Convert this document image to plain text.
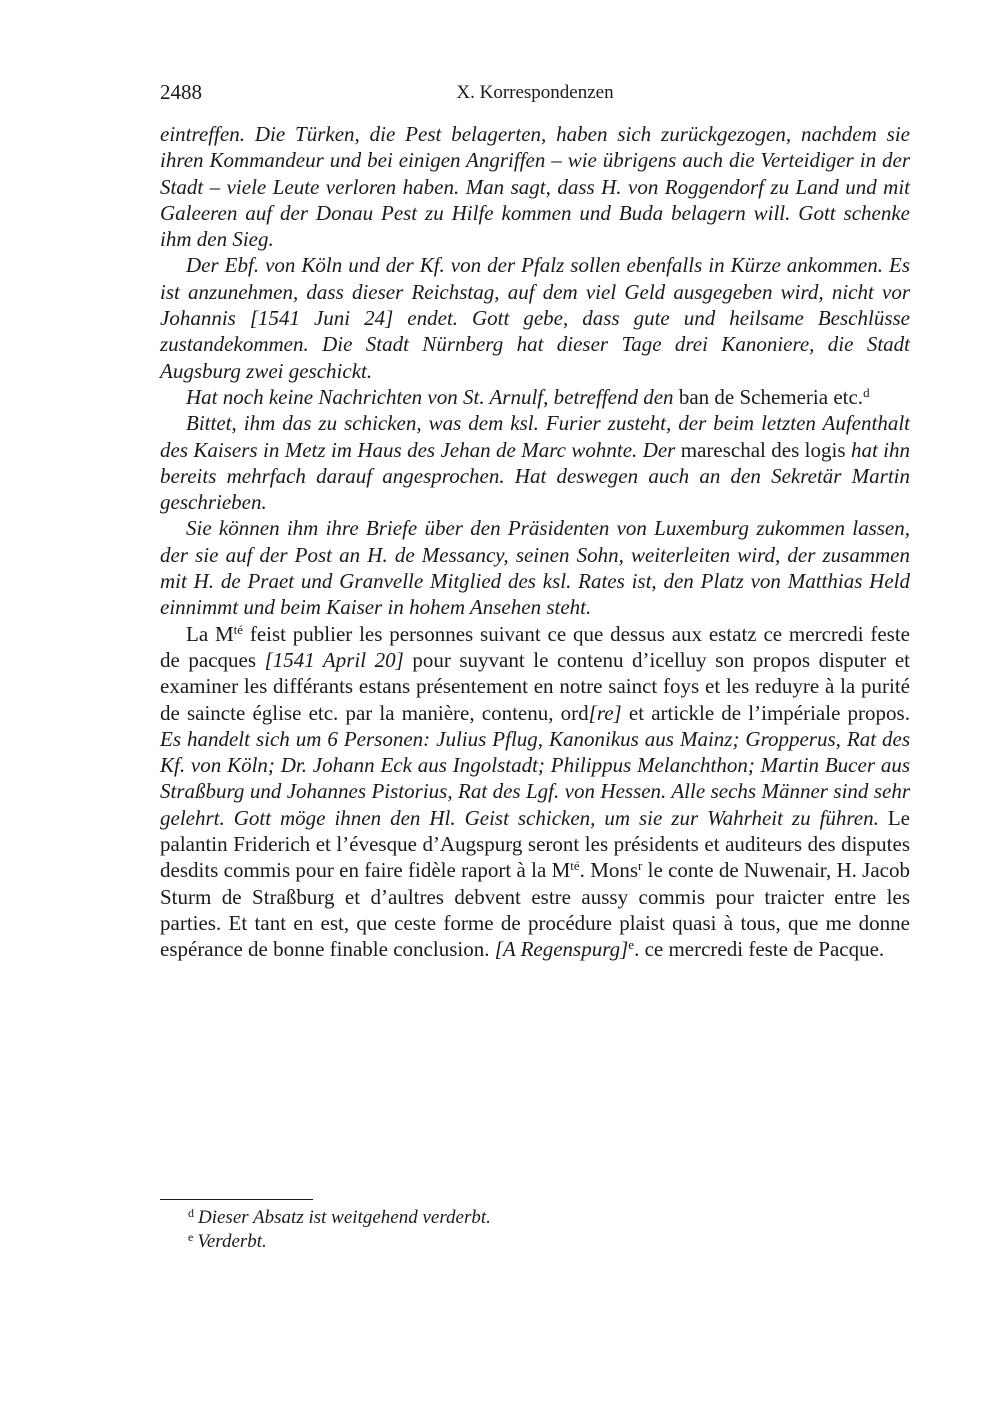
2488	X. Korrespondenzen

eintreffen. Die Türken, die Pest belagerten, haben sich zurückgezogen, nachdem sie ihren Kommandeur und bei einigen Angriffen – wie übrigens auch die Verteidiger in der Stadt – viele Leute verloren haben. Man sagt, dass H. von Roggendorf zu Land und mit Galeeren auf der Donau Pest zu Hilfe kommen und Buda belagern will. Gott schenke ihm den Sieg.

Der Ebf. von Köln und der Kf. von der Pfalz sollen ebenfalls in Kürze ankommen. Es ist anzunehmen, dass dieser Reichstag, auf dem viel Geld ausgegeben wird, nicht vor Johannis [1541 Juni 24] endet. Gott gebe, dass gute und heilsame Beschlüsse zustandekommen. Die Stadt Nürnberg hat dieser Tage drei Kanoniere, die Stadt Augsburg zwei geschickt.

Hat noch keine Nachrichten von St. Arnulf, betreffend den ban de Schemeria etc.$^d$

Bittet, ihm das zu schicken, was dem ksl. Furier zusteht, der beim letzten Aufenthalt des Kaisers in Metz im Haus des Jehan de Marc wohnte. Der mareschal des logis hat ihn bereits mehrfach darauf angesprochen. Hat deswegen auch an den Sekretär Martin geschrieben.

Sie können ihm ihre Briefe über den Präsidenten von Luxemburg zukommen lassen, der sie auf der Post an H. de Messancy, seinen Sohn, weiterleiten wird, der zusammen mit H. de Praet und Granvelle Mitglied des ksl. Rates ist, den Platz von Matthias Held einnimmt und beim Kaiser in hohem Ansehen steht.

La $M^{té}$ feist publier les personnes suivant ce que dessus aux estatz ce mercredi feste de pacques [1541 April 20] pour suyvant le contenu d’icelluy son propos disputer et examiner les différants estans présentement en notre sainct foys et les reduyre à la purité de saincte église etc. par la manière, contenu, ord[re] et artickle de l’impériale propos. Es handelt sich um 6 Personen: Julius Pflug, Kanonikus aus Mainz; Gropperus, Rat des Kf. von Köln; Dr. Johann Eck aus Ingolstadt; Philippus Melanchthon; Martin Bucer aus Straßburg und Johannes Pistorius, Rat des Lgf. von Hessen. Alle sechs Männer sind sehr gelehrt. Gott möge ihnen den Hl. Geist schicken, um sie zur Wahrheit zu führen. Le palantin Friderich et l’évesque d’Augspurg seront les présidents et auditeurs des disputes desdits commis pour en faire fidèle raport à la $M^{té}$. Mons$^r$ le conte de Nuwenair, H. Jacob Sturm de Straßburg et d’aultres debvent estre aussy commis pour traicter entre les parties. Et tant en est, que ceste forme de procédure plaist quasi à tous, que me donne espérance de bonne finable conclusion. [A Regenspurg]$^e$. ce mercredi feste de Pacque.

$^d$ Dieser Absatz ist weitgehend verderbt.
$^e$ Verderbt.
